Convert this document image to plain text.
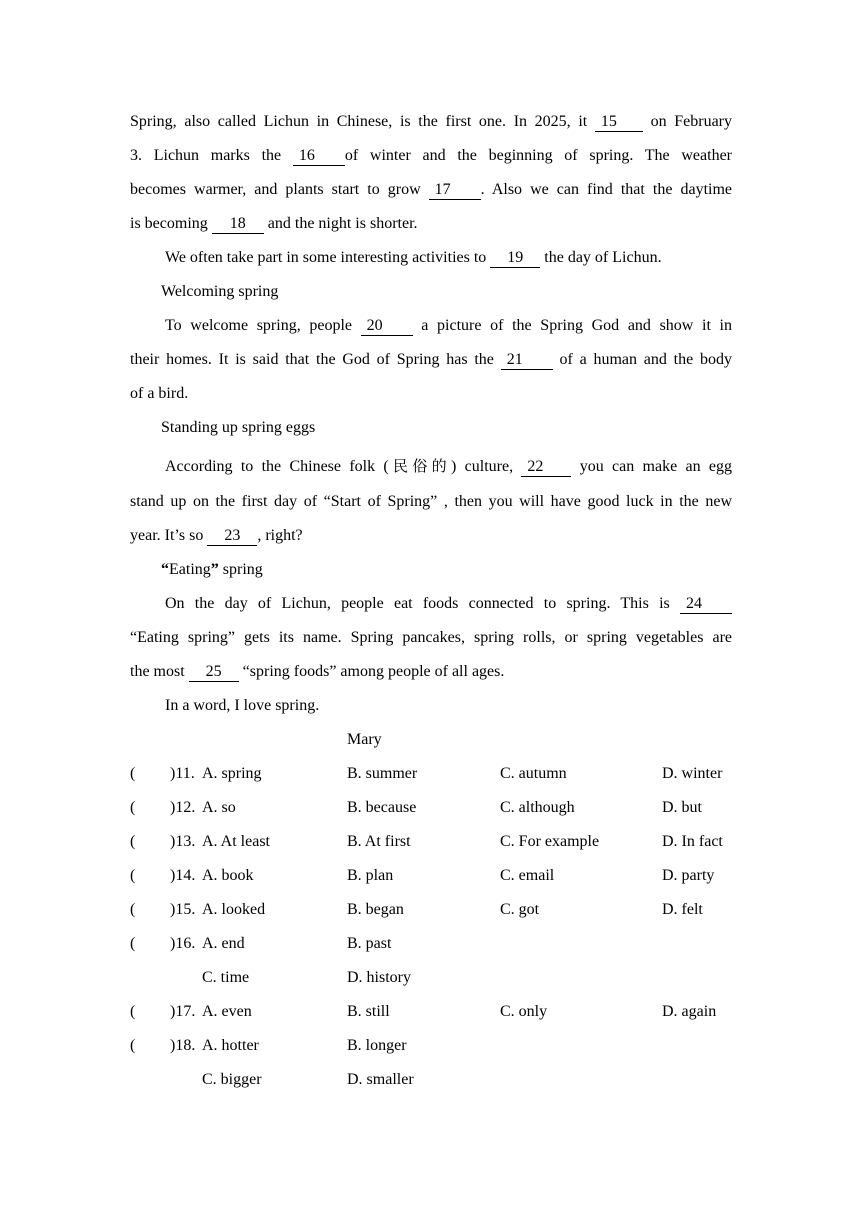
Spring, also called Lichun in Chinese, is the first one. In 2025, it 15 on February
3. Lichun marks the 16 of winter and the beginning of spring. The weather
becomes warmer, and plants start to grow 17 . Also we can find that the daytime
is becoming 18 and the night is shorter.
We often take part in some interesting activities to 19 the day of Lichun.
Welcoming spring
To welcome spring, people 20 a picture of the Spring God and show it in
their homes. It is said that the God of Spring has the 21 of a human and the body
of a bird.
Standing up spring eggs
According to the Chinese folk (民俗的) culture, 22 you can make an egg
stand up on the first day of “Start of Spring” , then you will have good luck in the new
year. It’s so 23 , right?
“Eating” spring
On the day of Lichun, people eat foods connected to spring. This is 24
“Eating spring” gets its name. Spring pancakes, spring rolls, or spring vegetables are
the most 25 “spring foods” among people of all ages.
In a word, I love spring.
Mary
( )11. A. spring	B. summer	C. autumn	D. winter
( )12. A. so	B. because	C. although	D. but
( )13. A. At least	B. At first	C. For example	D. In fact
( )14. A. book	B. plan	C. email	D. party
( )15. A. looked	B. began	C. got	D. felt
( )16. A. end	B. past
C. time	D. history
( )17. A. even	B. still	C. only	D. again
( )18. A. hotter	B. longer
C. bigger	D. smaller
